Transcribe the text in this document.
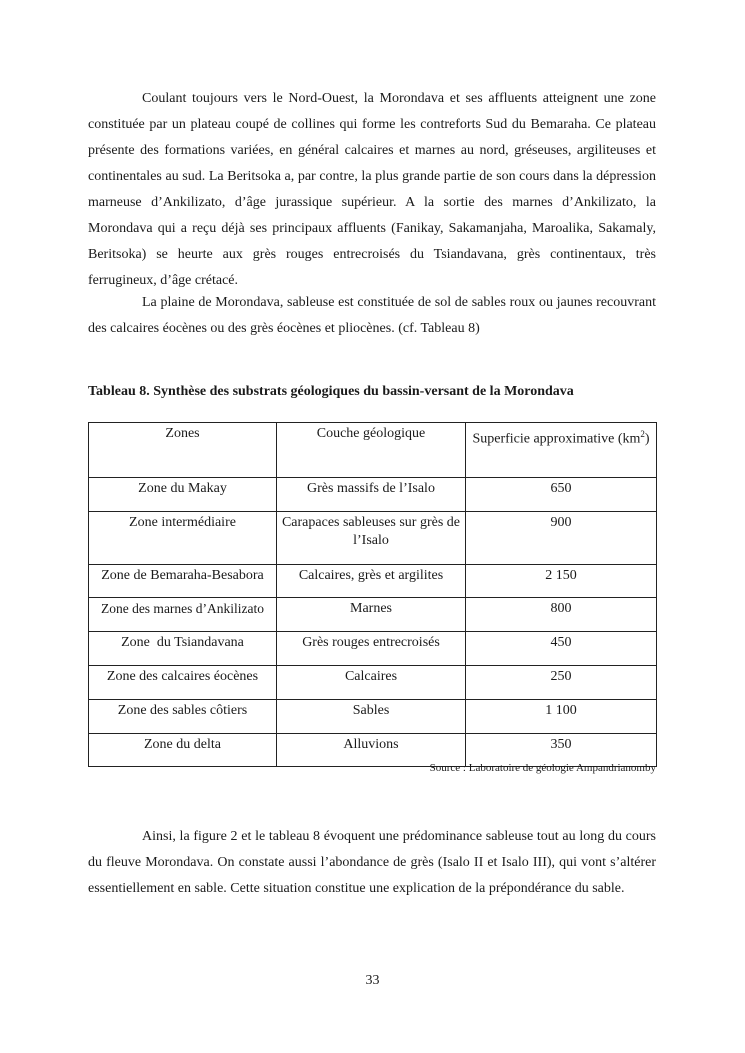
Coulant toujours vers le Nord-Ouest, la Morondava et ses affluents atteignent une zone constituée par un plateau coupé de collines qui forme les contreforts Sud du Bemaraha. Ce plateau présente des formations variées, en général calcaires et marnes au nord, gréseuses, argiliteuses et continentales au sud. La Beritsoka a, par contre, la plus grande partie de son cours dans la dépression marneuse d’Ankilizato, d’âge jurassique supérieur. A la sortie des marnes d’Ankilizato, la Morondava qui a reçu déjà ses principaux affluents (Fanikay, Sakamanjaha, Maroalika, Sakamaly, Beritsoka) se heurte aux grès rouges entrecroisés du Tsiandavana, grès continentaux, très ferrugineux, d’âge crétacé.

La plaine de Morondava, sableuse est constituée de sol de sables roux ou jaunes recouvrant des calcaires éocènes ou des grès éocènes et pliocènes. (cf. Tableau 8)

Tableau 8. Synthèse des substrats géologiques du bassin-versant de la Morondava

Zones	Couche géologique	Superficie approximative $(km^2)$
Zone du Makay	Grès massifs de l’Isalo	650
Zone intermédiaire	Carapaces sableuses sur grès de l’Isalo	900
Zone de Bemaraha-Besabora	Calcaires, grès et argilites	2 150
Zone des marnes d’Ankilizato	Marnes	800
Zone  du Tsiandavana	Grès rouges entrecroisés	450
Zone des calcaires éocènes	Calcaires	250
Zone des sables côtiers	Sables	1 100
Zone du delta	Alluvions	350

Source : Laboratoire de géologie Ampandrianomby

Ainsi, la figure 2 et le tableau 8 évoquent une prédominance sableuse tout au long du cours du fleuve Morondava. On constate aussi l’abondance de grès (Isalo II et Isalo III), qui vont s’altérer essentiellement en sable. Cette situation constitue une explication de la prépondérance du sable.

33
